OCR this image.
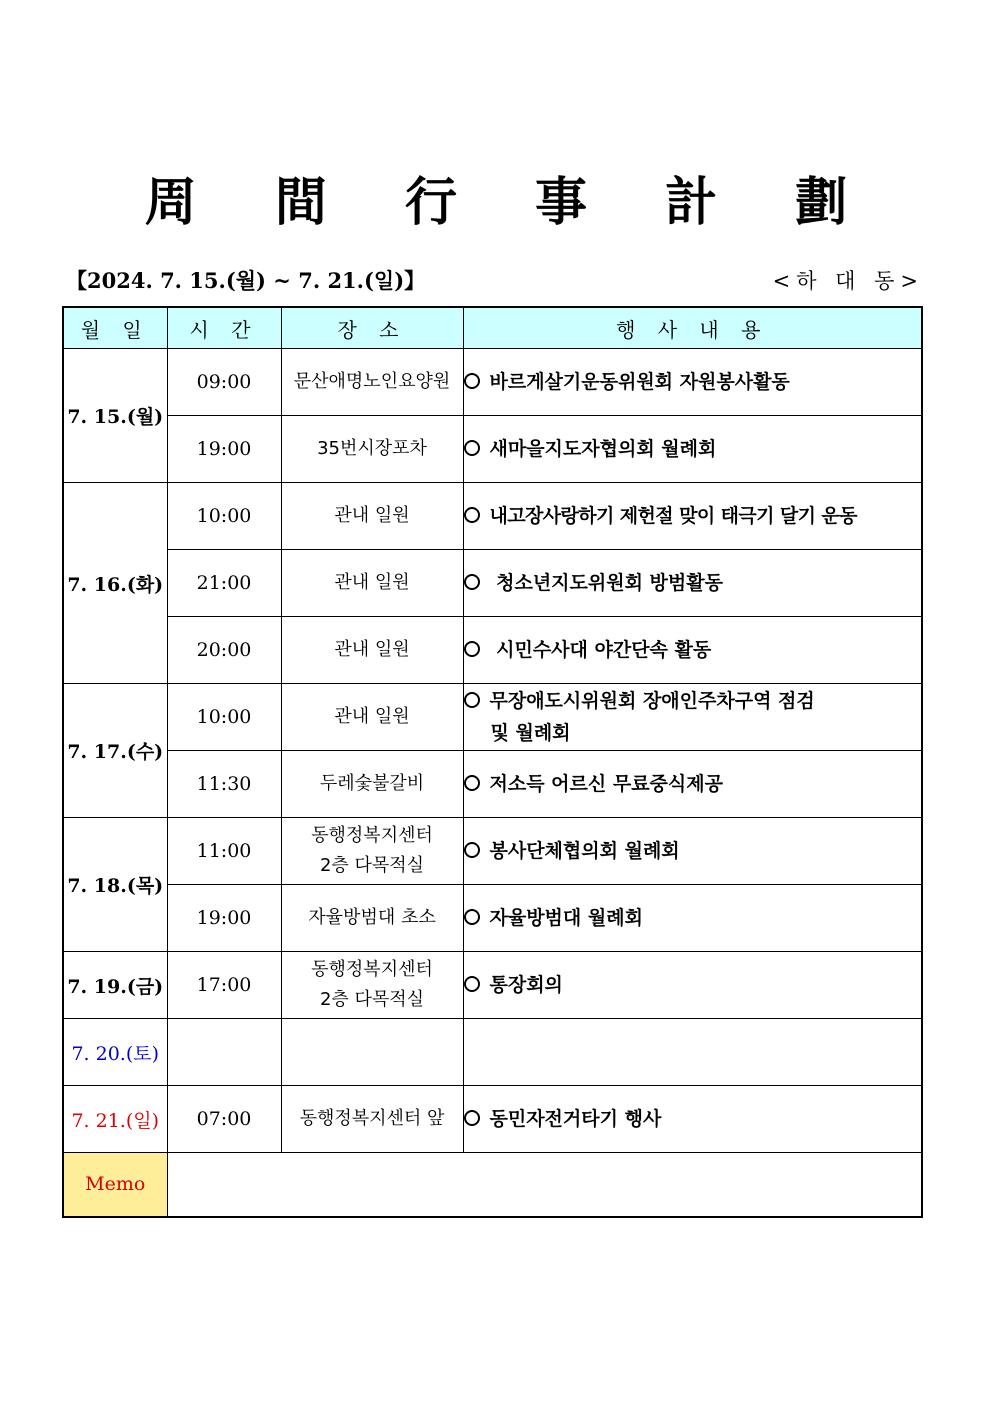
周 間 行 事 計 劃
【2024. 7. 15.(월) ~ 7. 21.(일)】	<하 대 동>
월 일	시 간	장 소	행 사 내 용
7. 15.(월)	09:00	문산애명노인요양원	바르게살기운동위원회 자원봉사활동
	19:00	35번시장포차	새마을지도자협의회 월례회
7. 16.(화)	10:00	관내 일원	내고장사랑하기 제헌절 맞이 태극기 달기 운동
	21:00	관내 일원	청소년지도위원회 방범활동
	20:00	관내 일원	시민수사대 야간단속 활동
7. 17.(수)	10:00	관내 일원	무장애도시위원회 장애인주차구역 점검
및 월례회

	11:30	두레숯불갈비	저소득 어르신 무료중식제공
7. 18.(목)	11:00	동행정복지센터
2층 다목적실	봉사단체협의회 월례회
	19:00	자율방범대 초소	자율방범대 월례회
7. 19.(금)	17:00	동행정복지센터
2층 다목적실	통장회의
7. 20.(토)			
7. 21.(일)	07:00	동행정복지센터 앞	동민자전거타기 행사
Memo			
